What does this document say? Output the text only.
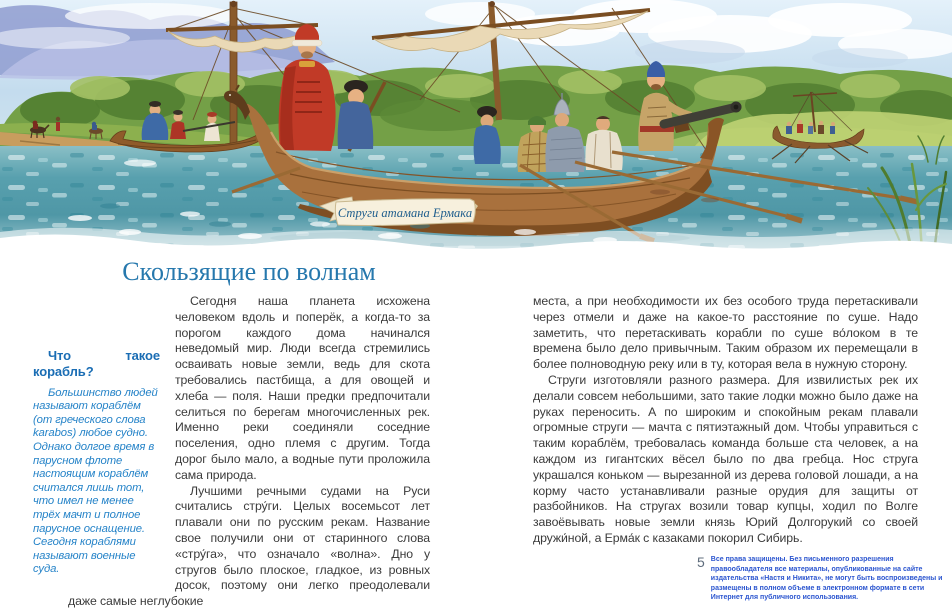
Струги атамана Ермака
Скользящие по волнам

Что такое корабль?
Большинство людей называют кораблём (от греческого слова karabos) любое судно. Однако долгое время в парусном флоте настоящим кораблём считался лишь тот, что имел не менее трёх мачт и полное парусное оснащение. Сегодня кораблями называют военные суда.
Сегодня наша планета исхожена человеком вдоль и поперёк, а когда-то за порогом каждого дома начинался неведомый мир. Люди всегда стремились осваивать новые земли, ведь для скота требовались пастбища, а для овощей и хлеба — поля. Наши предки предпочитали селиться по берегам многочисленных рек. Именно реки соединяли соседние поселения, одно племя с другим. Тогда дорог было мало, а водные пути проложила сама природа.

Лучшими речными судами на Руси считались стру́ги. Целых восемьсот лет плавали они по русским рекам. Название свое получили они от старинного слова «стру́га», что означало «волна». Дно у стругов было плоское, гладкое, из ровных досок, поэтому они легко преодолевали даже самые неглубокие

места, а при необходимости их без особого труда перетаскивали через отмели и даже на какое-то расстояние по суше. Надо заметить, что перетаскивать корабли по суше во́локом в те времена было дело привычным. Таким образом их перемещали в более полноводную реку или в ту, которая вела в нужную сторону.

Струги изготовляли разного размера. Для извилистых рек их делали совсем небольшими, зато такие лодки можно было даже на руках переносить. А по широким и спокойным рекам плавали огромные струги — мачта с пятиэтажный дом. Чтобы управиться с таким кораблём, требовалась команда больше ста человек, а на каждом из гигантских вёсел было по два гребца. Нос струга украшался коньком — вырезанной из дерева головой лошади, а на корму часто устанавливали разные орудия для защиты от разбойников. На стругах возили товар купцы, ходил по Волге завоёвывать новые земли князь Юрий Долгорукий со своей дружи́ной, а Ерма́к с казаками покорил Сибирь.

5 Все права защищены. Без письменного разрешения правообладателя все материалы, опубликованные на сайте издательства «Настя и Никита», не могут быть воспроизведены и размещены в полном объеме в электронном формате в сети Интернет для публичного использования.
